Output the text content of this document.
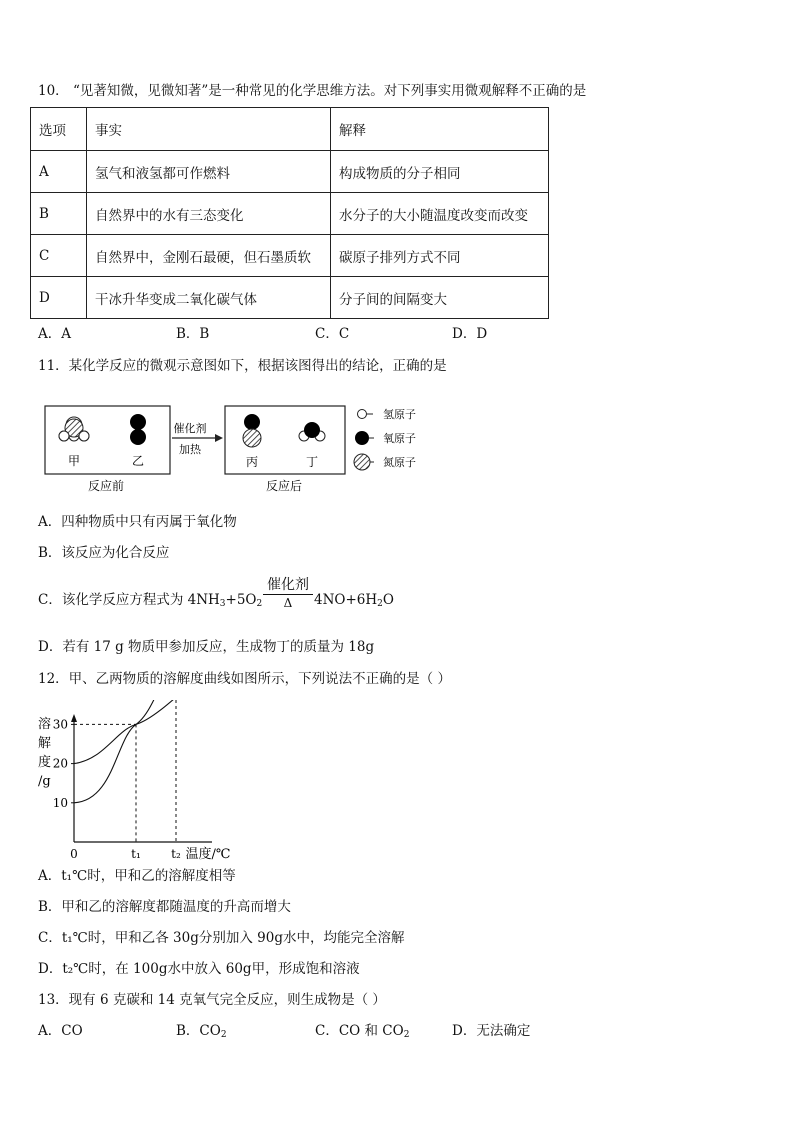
10． “见著知微，见微知著”是一种常见的化学思维方法。对下列事实用微观解释不正确的是
选项	事实	解释
A	氢气和液氢都可作燃料	构成物质的分子相同
B	自然界中的水有三态变化	水分子的大小随温度改变而改变
C	自然界中，金刚石最硬，但石墨质软	碳原子排列方式不同
D	干冰升华变成二氧化碳气体	分子间的间隔变大
A．A	B．B	C．C	D．D
11．某化学反应的微观示意图如下，根据该图得出的结论，正确的是
甲	乙
反应前
催化剂
加热
丙	丁
反应后
氢原子
氧原子
氮原子
A．四种物质中只有丙属于氧化物
B．该反应为化合反应
C．该化学反应方程式为 $4NH_3+5O_2$
催化剂
Δ	$4NO+6H_2O$
D．若有 17 g 物质甲参加反应，生成物丁的质量为 18g
12．甲、乙两物质的溶解度曲线如图所示，下列说法不正确的是（ ）
10
20
30
溶
解
度
/g
0	t₁	t₂ 温度/℃
A．t₁℃时，甲和乙的溶解度相等
B．甲和乙的溶解度都随温度的升高而增大
C．t₁℃时，甲和乙各 30g分别加入 90g水中，均能完全溶解
D．t₂℃时，在 100g水中放入 60g甲，形成饱和溶液
13．现有 6 克碳和 14 克氧气完全反应，则生成物是（ ）
A．CO	B．$CO_2$	C．CO 和 $CO_2$	D．无法确定
